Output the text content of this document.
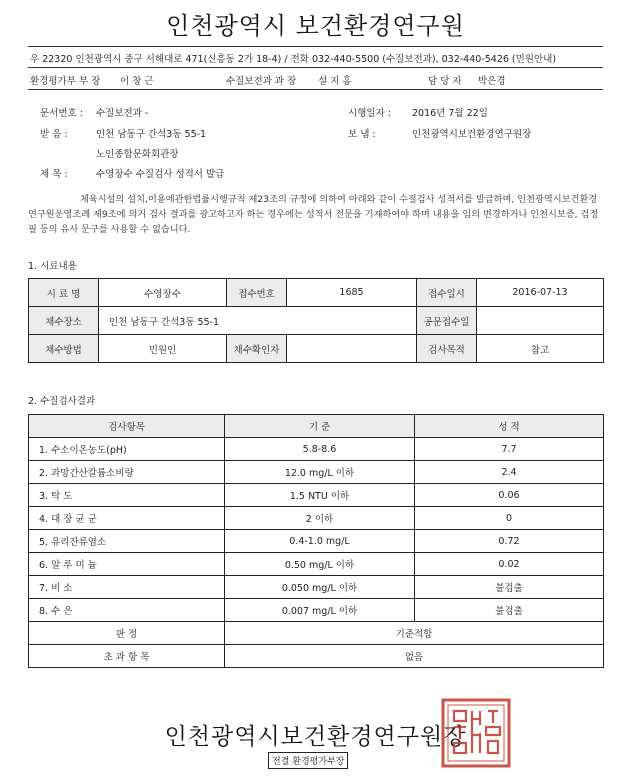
인천광역시 보건환경연구원
우 22320 인천광역시 중구 서해대로 471(신흥동 2가 18-4) / 전화 032-440-5500 (수질보전과), 032-440-5426 (민원안내)
환경평가부 부 장 이 창 근	수질보전과 과 장 설 지 홍	담 당 자 박은경
문서번호 : 수질보전과 -	시행일자 : 2016년 7월 22일
받 음 :	인천 남동구 간석3동 55-1
노인종합문화회관장
보 냄 :	인천광역시보건환경연구원장
제 목 :	수영장수 수질검사 성적서 발급
체육시설의 설치,이용에관한법률시행규칙 제23조의 규정에 의하여 아래와 같이 수질검사 성적서를 발급하며, 인천광역시보건환경연구원운영조례 제9조에 의거 검사 결과를 광고하고자 하는 경우에는 성적서 전문을 기재하여야 하며 내용을 임의 변경하거나 인천시보증, 검정필 등의 유사 문구를 사용할 수 없습니다.
1. 시료내용
시 료 명	수영장수	접수번호	1685	접수일시	2016-07-13
채수장소	인천 남동구 간석3동 55-1			공문접수일	
채수방법	민원인	채수확인자		검사목적	참고
2. 수질검사결과
검사항목	기 준	성 적
1. 수소이온농도(pH)	5.8-8.6	7.7
2. 과망간산칼륨소비량	12.0 mg/L 이하	2.4
3. 탁 도	1.5 NTU 이하	0.06
4. 대 장 균 군	2 이하	0
5. 유리잔류염소	0.4-1.0 mg/L	0.72
6. 알 루 미 늄	0.50 mg/L 이하	0.02
7. 비 소	0.050 mg/L 이하	불검출
8. 수 은	0.007 mg/L 이하	불검출
판 정	기준적합	
초 과 항 목	없음	
인천광역시보건환경연구원장
전결 환경평가부장
